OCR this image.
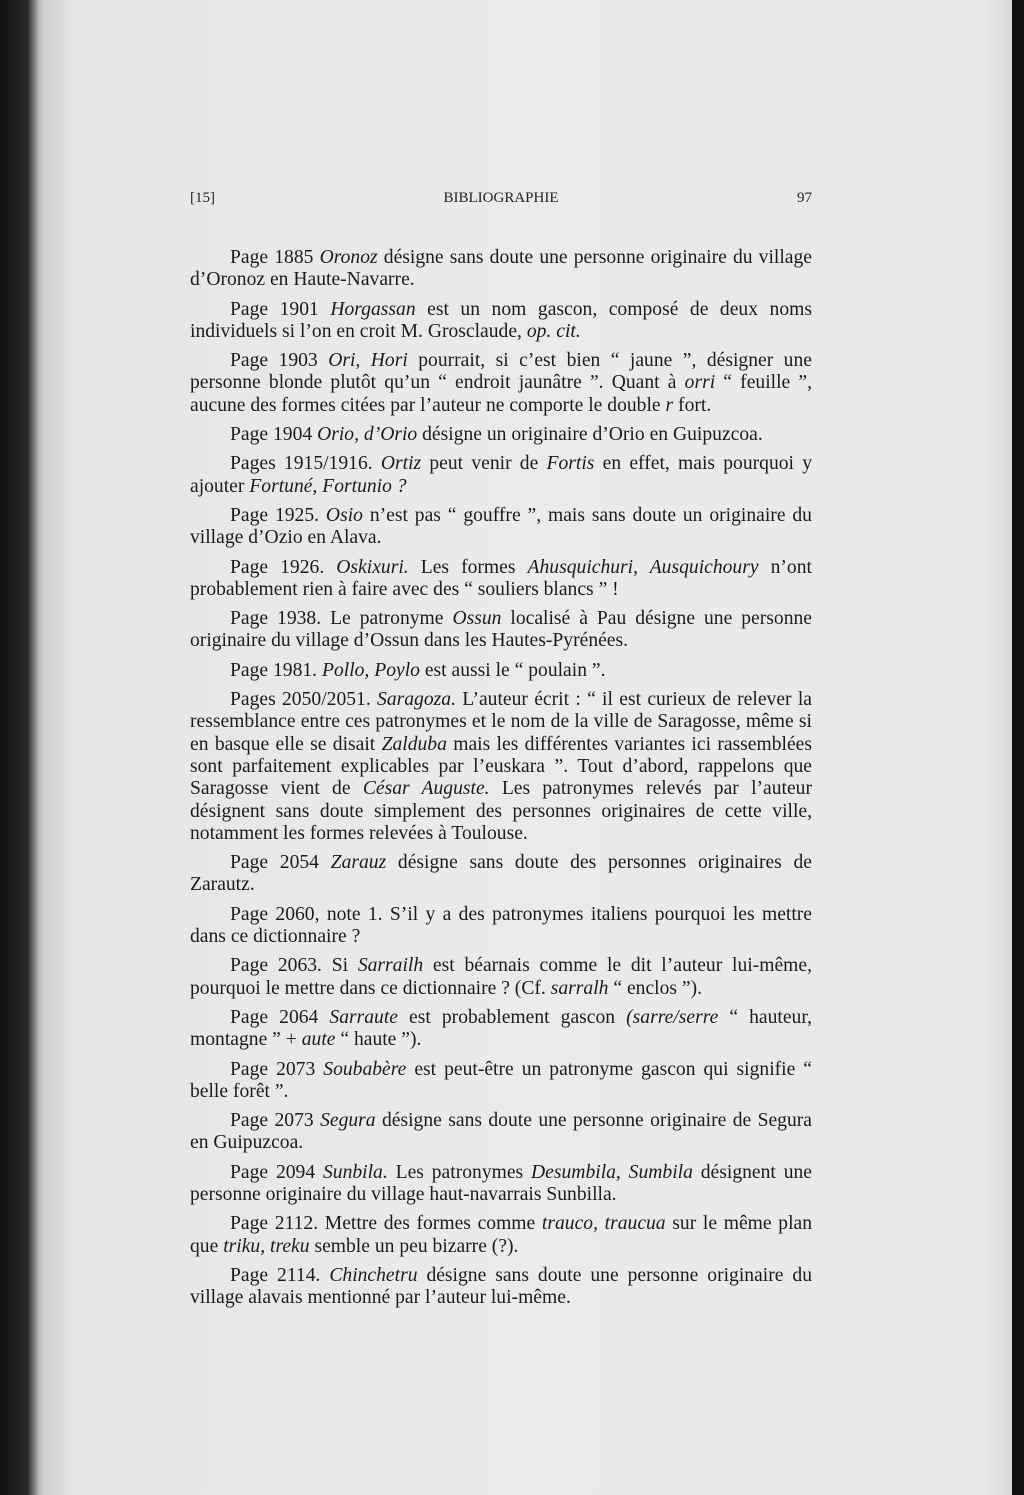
[15]	BIBLIOGRAPHIE	97

Page 1885 Oronoz désigne sans doute une personne originaire du village d’Oronoz en Haute-Navarre.

Page 1901 Horgassan est un nom gascon, composé de deux noms individuels si l’on en croit M. Grosclaude, op. cit.

Page 1903 Ori, Hori pourrait, si c’est bien “ jaune ”, désigner une personne blonde plutôt qu’un “ endroit jaunâtre ”. Quant à orri “ feuille ”, aucune des formes citées par l’auteur ne comporte le double r fort.

Page 1904 Orio, d’Orio désigne un originaire d’Orio en Guipuzcoa.

Pages 1915/1916. Ortiz peut venir de Fortis en effet, mais pourquoi y ajouter Fortuné, Fortunio ?

Page 1925. Osio n’est pas “ gouffre ”, mais sans doute un originaire du village d’Ozio en Alava.

Page 1926. Oskixuri. Les formes Ahusquichuri, Ausquichoury n’ont probablement rien à faire avec des “ souliers blancs ” !

Page 1938. Le patronyme Ossun localisé à Pau désigne une personne originaire du village d’Ossun dans les Hautes-Pyrénées.

Page 1981. Pollo, Poylo est aussi le “ poulain ”.

Pages 2050/2051. Saragoza. L’auteur écrit : “ il est curieux de relever la ressemblance entre ces patronymes et le nom de la ville de Saragosse, même si en basque elle se disait Zalduba mais les différentes variantes ici rassemblées sont parfaitement explicables par l’euskara ”. Tout d’abord, rappelons que Saragosse vient de César Auguste. Les patronymes relevés par l’auteur désignent sans doute simplement des personnes originaires de cette ville, notamment les formes relevées à Toulouse.

Page 2054 Zarauz désigne sans doute des personnes originaires de Zarautz.

Page 2060, note 1. S’il y a des patronymes italiens pourquoi les mettre dans ce dictionnaire ?

Page 2063. Si Sarrailh est béarnais comme le dit l’auteur lui-même, pourquoi le mettre dans ce dictionnaire ? (Cf. sarralh “ enclos ”).

Page 2064 Sarraute est probablement gascon (sarre/serre “ hauteur, montagne ” + aute “ haute ”).

Page 2073 Soubabère est peut-être un patronyme gascon qui signifie “ belle forêt ”.

Page 2073 Segura désigne sans doute une personne originaire de Segura en Guipuzcoa.

Page 2094 Sunbila. Les patronymes Desumbila, Sumbila désignent une personne originaire du village haut-navarrais Sunbilla.

Page 2112. Mettre des formes comme trauco, traucua sur le même plan que triku, treku semble un peu bizarre (?).

Page 2114. Chinchetru désigne sans doute une personne originaire du village alavais mentionné par l’auteur lui-même.
